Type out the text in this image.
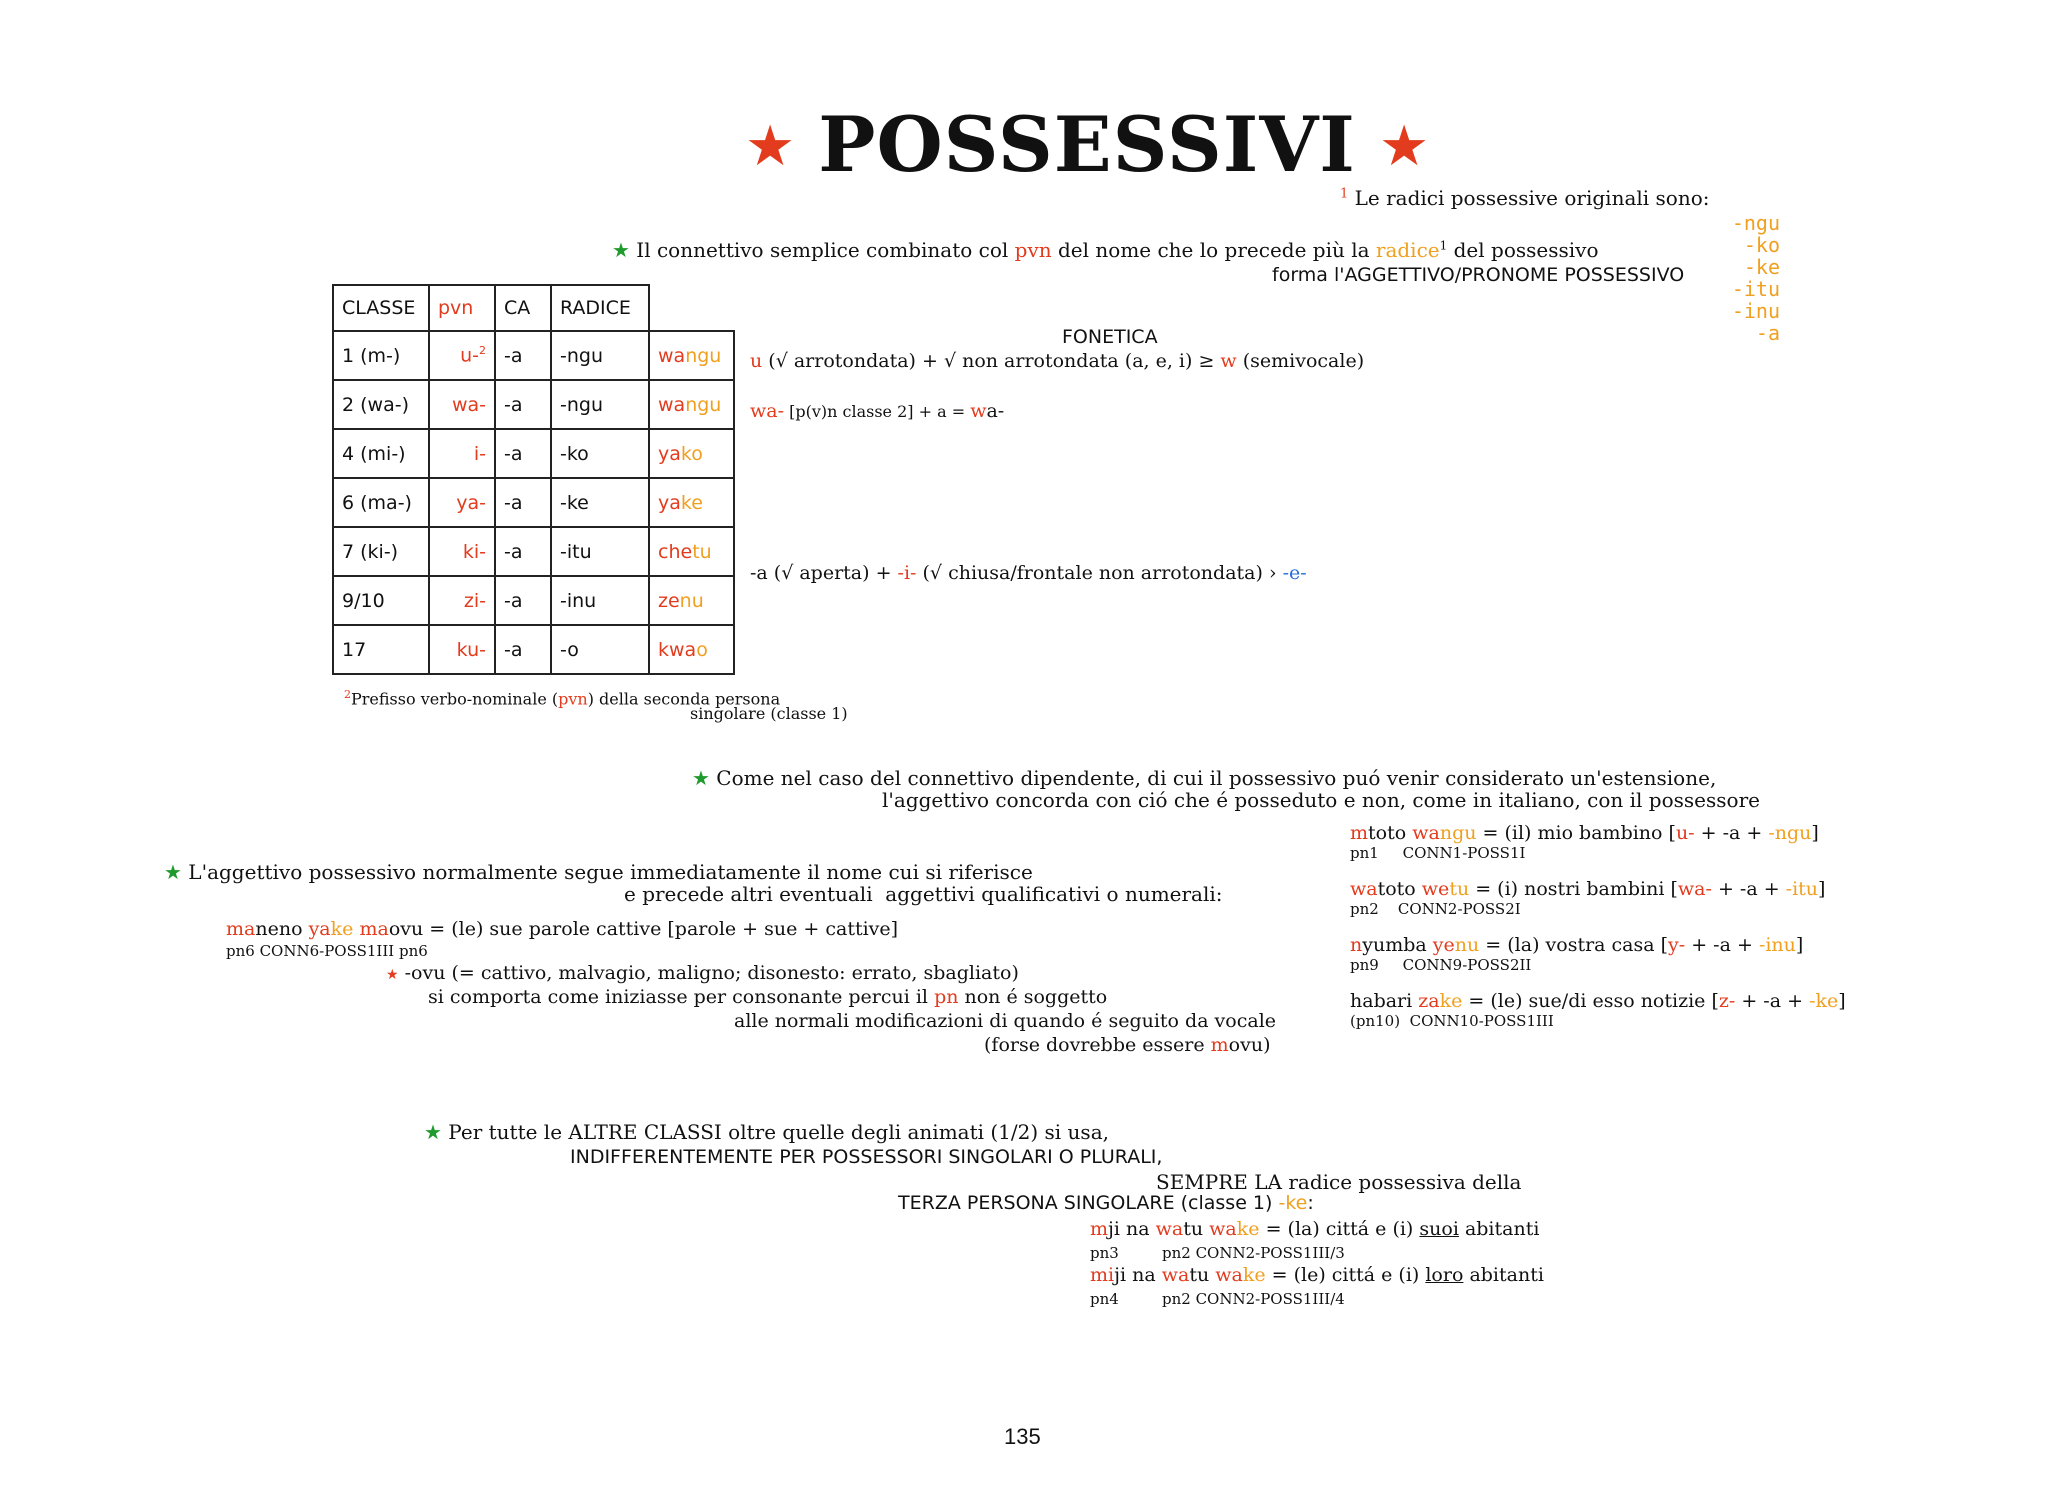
★ POSSESSIVI ★
$^1$ Le radici possessive originali sono:
-ngu
-ko
-ke
-itu
-inu
-a
★ Il connettivo semplice combinato col pvn del nome che lo precede più la radice$^1$ del possessivo
forma l'AGGETTIVO/PRONOME POSSESSIVO
CLASSE	pvn	CA	RADICE	
1 (m-)	u-$^2$	-a	-ngu	wangu
2 (wa-)	wa-	-a	-ngu	wangu
4 (mi-)	i-	-a	-ko	yako
6 (ma-)	ya-	-a	-ke	yake
7 (ki-)	ki-	-a	-itu	chetu
9/10	zi-	-a	-inu	zenu
17	ku-	-a	-o	kwao
FONETICA
u (√ arrotondata) + √ non arrotondata (a, e, i) ≥ w (semivocale)
wa- [p(v)n classe 2] + a = wa-
-a (√ aperta) + -i- (√ chiusa/frontale non arrotondata) › -e-
$^2$Prefisso verbo-nominale (pvn) della seconda persona
singolare (classe 1)
★ Come nel caso del connettivo dipendente, di cui il possessivo puó venir considerato un'estensione,
l'aggettivo concorda con ció che é posseduto e non, come in italiano, con il possessore
mtoto wangu = (il) mio bambino [u- + -a + -ngu]
pn1     CONN1-POSS1I
watoto wetu = (i) nostri bambini [wa- + -a + -itu]
pn2    CONN2-POSS2I
nyumba yenu = (la) vostra casa [y- + -a + -inu]
pn9     CONN9-POSS2II
habari zake = (le) sue/di esso notizie [z- + -a + -ke]
(pn10)  CONN10-POSS1III
★ L'aggettivo possessivo normalmente segue immediatamente il nome cui si riferisce
e precede altri eventuali  aggettivi qualificativi o numerali:
maneno yake maovu = (le) sue parole cattive [parole + sue + cattive]
pn6 CONN6-POSS1III pn6
★ -ovu (= cattivo, malvagio, maligno; disonesto: errato, sbagliato)
si comporta come iniziasse per consonante percui il pn non é soggetto
alle normali modificazioni di quando é seguito da vocale
(forse dovrebbe essere movu)
★ Per tutte le ALTRE CLASSI oltre quelle degli animati (1/2) si usa,
INDIFFERENTEMENTE PER POSSESSORI SINGOLARI O PLURALI,
SEMPRE LA radice possessiva della
TERZA PERSONA SINGOLARE (classe 1) -ke:
mji na watu wake = (la) cittá e (i) suoi abitanti
pn3	pn2 CONN2-POSS1III/3
miji na watu wake = (le) cittá e (i) loro abitanti
pn4	pn2 CONN2-POSS1III/4
135
